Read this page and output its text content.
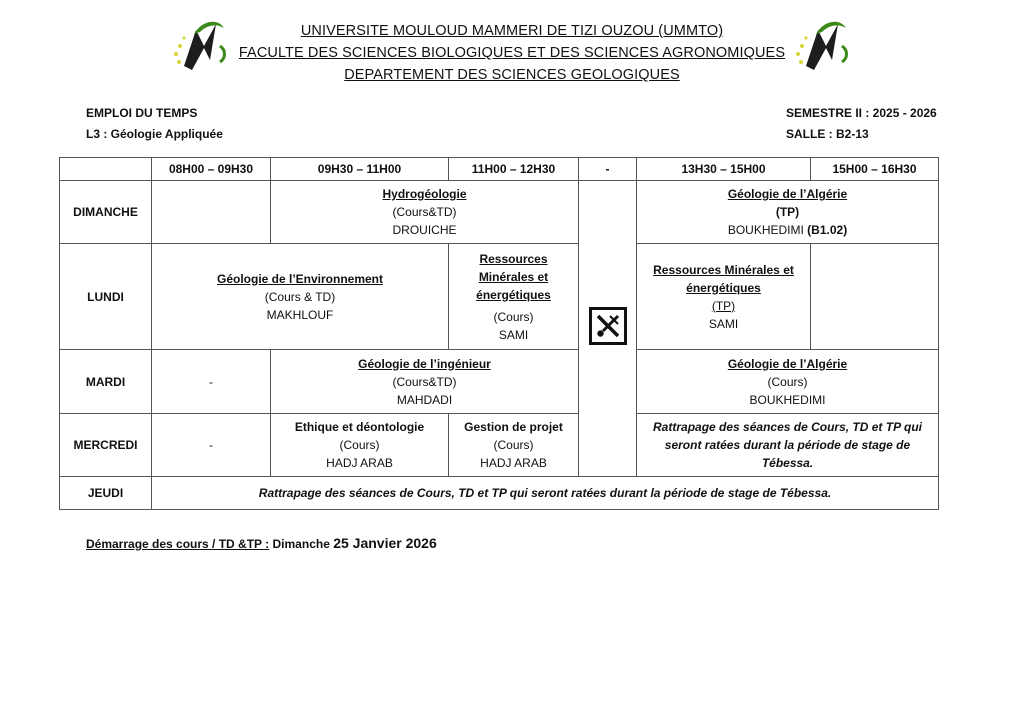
UNIVERSITE MOULOUD MAMMERI DE TIZI OUZOU (UMMTO)
FACULTE DES SCIENCES BIOLOGIQUES ET DES SCIENCES AGRONOMIQUES
DEPARTEMENT DES SCIENCES GEOLOGIQUES
EMPLOI DU TEMPS
L3 : Géologie Appliquée
SEMESTRE II : 2025 - 2026
SALLE : B2-13
	08H00 – 09H30	09H30 – 11H00	11H00 – 12H30	-	13H30 – 15H00	15H00 – 16H30
DIMANCHE		Hydrogéologie
(Cours&TD)
DROUICHE			Géologie de l’Algérie
(TP)
BOUKHEDIMI (B1.02)	

LUNDI	Géologie de l’Environnement
(Cours & TD)
MAKHLOUF		Ressources Minérales et énergétiques
(Cours)
SAMI		Ressources Minérales et énergétiques
(TP)
SAMI	

MARDI	-	Géologie de l’ingénieur
(Cours&TD)
MAHDADI			Géologie de l’Algérie
(Cours)
BOUKHEDIMI	

MERCREDI	-	Ethique et déontologie
(Cours)
HADJ ARAB	Gestion de projet
(Cours)
HADJ ARAB		Rattrapage des séances de Cours, TD et TP qui seront ratées durant la période de stage de Tébessa.	
JEUDI	Rattrapage des séances de Cours, TD et TP qui seront ratées durant la période de stage de Tébessa.					
Démarrage des cours / TD &TP : Dimanche 25 Janvier 2026
